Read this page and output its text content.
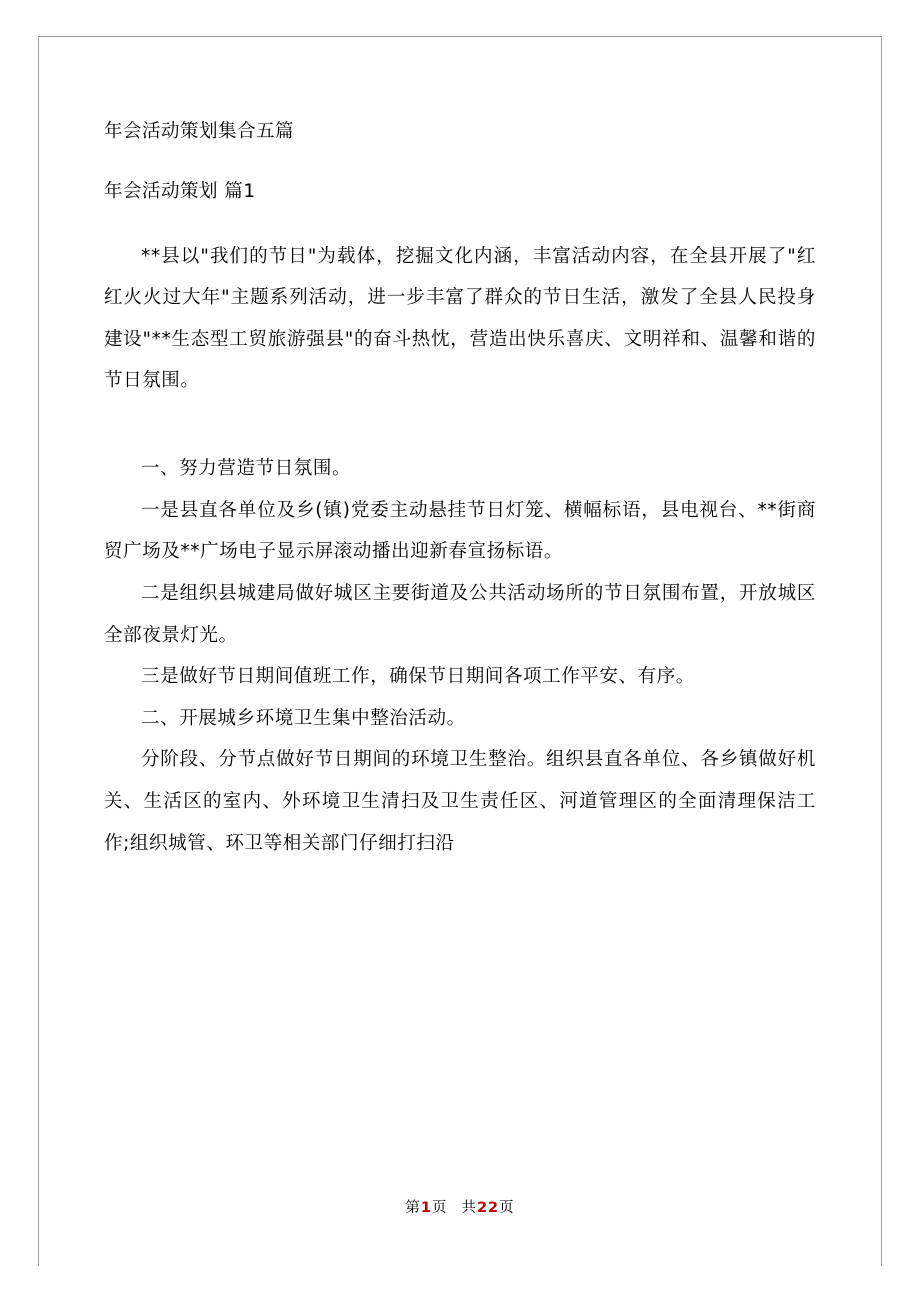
年会活动策划集合五篇

年会活动策划 篇1

**县以"我们的节日"为载体，挖掘文化内涵，丰富活动内容，在全县开展了"红红火火过大年"主题系列活动，进一步丰富了群众的节日生活，激发了全县人民投身建设"**生态型工贸旅游强县"的奋斗热忱，营造出快乐喜庆、文明祥和、温馨和谐的节日氛围。

一、努力营造节日氛围。

一是县直各单位及乡(镇)党委主动悬挂节日灯笼、横幅标语，县电视台、**街商贸广场及**广场电子显示屏滚动播出迎新春宣扬标语。

二是组织县城建局做好城区主要街道及公共活动场所的节日氛围布置，开放城区全部夜景灯光。

三是做好节日期间值班工作，确保节日期间各项工作平安、有序。

二、开展城乡环境卫生集中整治活动。

分阶段、分节点做好节日期间的环境卫生整治。组织县直各单位、各乡镇做好机关、生活区的室内、外环境卫生清扫及卫生责任区、河道管理区的全面清理保洁工作;组织城管、环卫等相关部门仔细打扫沿

第1页 共22页
